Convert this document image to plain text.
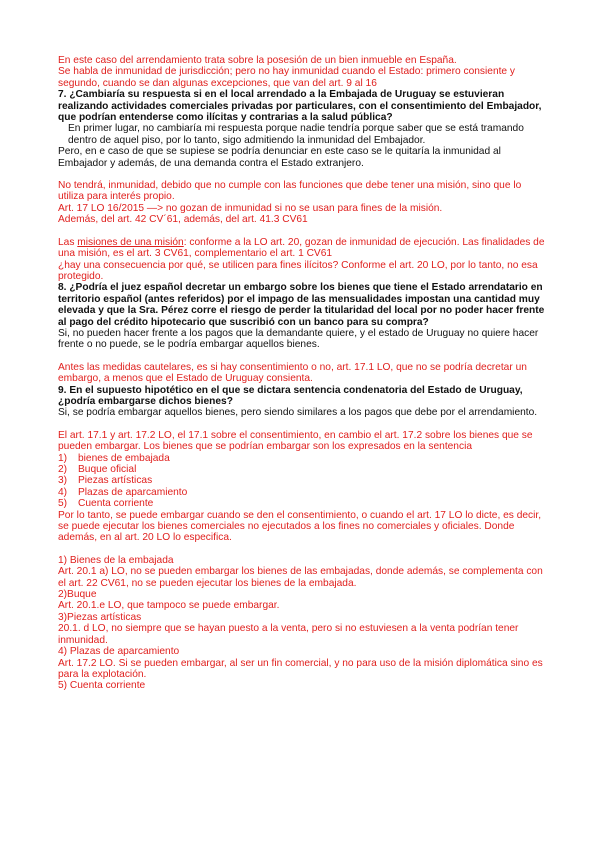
En este caso del arrendamiento trata sobre la posesión de un bien inmueble en España.

Se habla de inmunidad de jurisdicción; pero no hay inmunidad cuando el Estado: primero consiente y segundo, cuando se dan algunas excepciones, que van del art. 9 al 16

7. ¿Cambiaría su respuesta si en el local arrendado a la Embajada de Uruguay se estuvieran realizando actividades comerciales privadas por particulares, con el consentimiento del Embajador, que podrían entenderse como ilícitas y contrarias a la salud pública?

En primer lugar, no cambiaría mi respuesta porque nadie tendría porque saber que se está tramando dentro de aquel piso, por lo tanto, sigo admitiendo la inmunidad del Embajador.

Pero, en e caso de que se supiese se podría denunciar en este caso se le quitaría la inmunidad al Embajador y además, de una demanda contra el Estado extranjero.

No tendrá, inmunidad, debido que no cumple con las funciones que debe tener una misión, sino que lo utiliza para interés propio.

Art. 17 LO 16/2015 —> no gozan de inmunidad si no se usan para fines de la misión.

Además, del art. 42 CV´61, además, del art. 41.3 CV61

Las misiones de una misión: conforme a la LO art. 20, gozan de inmunidad de ejecución. Las finalidades de una misión, es el art. 3 CV61, complementario el art. 1 CV61

¿hay una consecuencia por qué, se utilicen para fines ilícitos? Conforme el art. 20 LO, por lo tanto, no esa protegido.

8. ¿Podría el juez español decretar un embargo sobre los bienes que tiene el Estado arrendatario en territorio español (antes referidos) por el impago de las mensualidades impostan una cantidad muy elevada y que la Sra. Pérez corre el riesgo de perder la titularidad del local por no poder hacer frente al pago del crédito hipotecario que suscribió con un banco para su compra?

Si, no pueden hacer frente a los pagos que la demandante quiere, y el estado de Uruguay no quiere hacer frente o no puede, se le podría embargar aquellos bienes.

Antes las medidas cautelares, es si hay consentimiento o no, art. 17.1 LO, que no se podría decretar un embargo, a menos que el Estado de Uruguay consienta.

9. En el supuesto hipotético en el que se dictara sentencia condenatoria del Estado de Uruguay, ¿podría embargarse dichos bienes?

Si, se podría embargar aquellos bienes, pero siendo similares a los pagos que debe por el arrendamiento.

El art. 17.1 y art. 17.2 LO, el 17.1 sobre el consentimiento, en cambio el art. 17.2 sobre los bienes que se pueden embargar. Los bienes que se podrían embargar son los expresados en la sentencia

1)	bienes de embajada
2)	Buque oficial
3)	Piezas artísticas
4)	Plazas de aparcamiento
5)	Cuenta corriente

Por lo tanto, se puede embargar cuando se den el consentimiento, o cuando el art. 17 LO lo dicte, es decir, se puede ejecutar los bienes comerciales no ejecutados a los fines no comerciales y oficiales. Donde además, en al art. 20 LO lo especifica.

1) Bienes de la embajada

Art. 20.1 a) LO, no se pueden embargar los bienes de las embajadas, donde además, se complementa con el art. 22 CV61, no se pueden ejecutar los bienes de la embajada.

2)Buque

Art. 20.1.e LO, que tampoco se puede embargar.

3)Piezas artísticas

20.1. d LO, no siempre que se hayan puesto a la venta, pero si no estuviesen a la venta podrían tener inmunidad.

4) Plazas de aparcamiento

Art. 17.2 LO. Si se pueden embargar, al ser un fin comercial, y no para uso de la misión diplomática sino es para la explotación.

5) Cuenta corriente
